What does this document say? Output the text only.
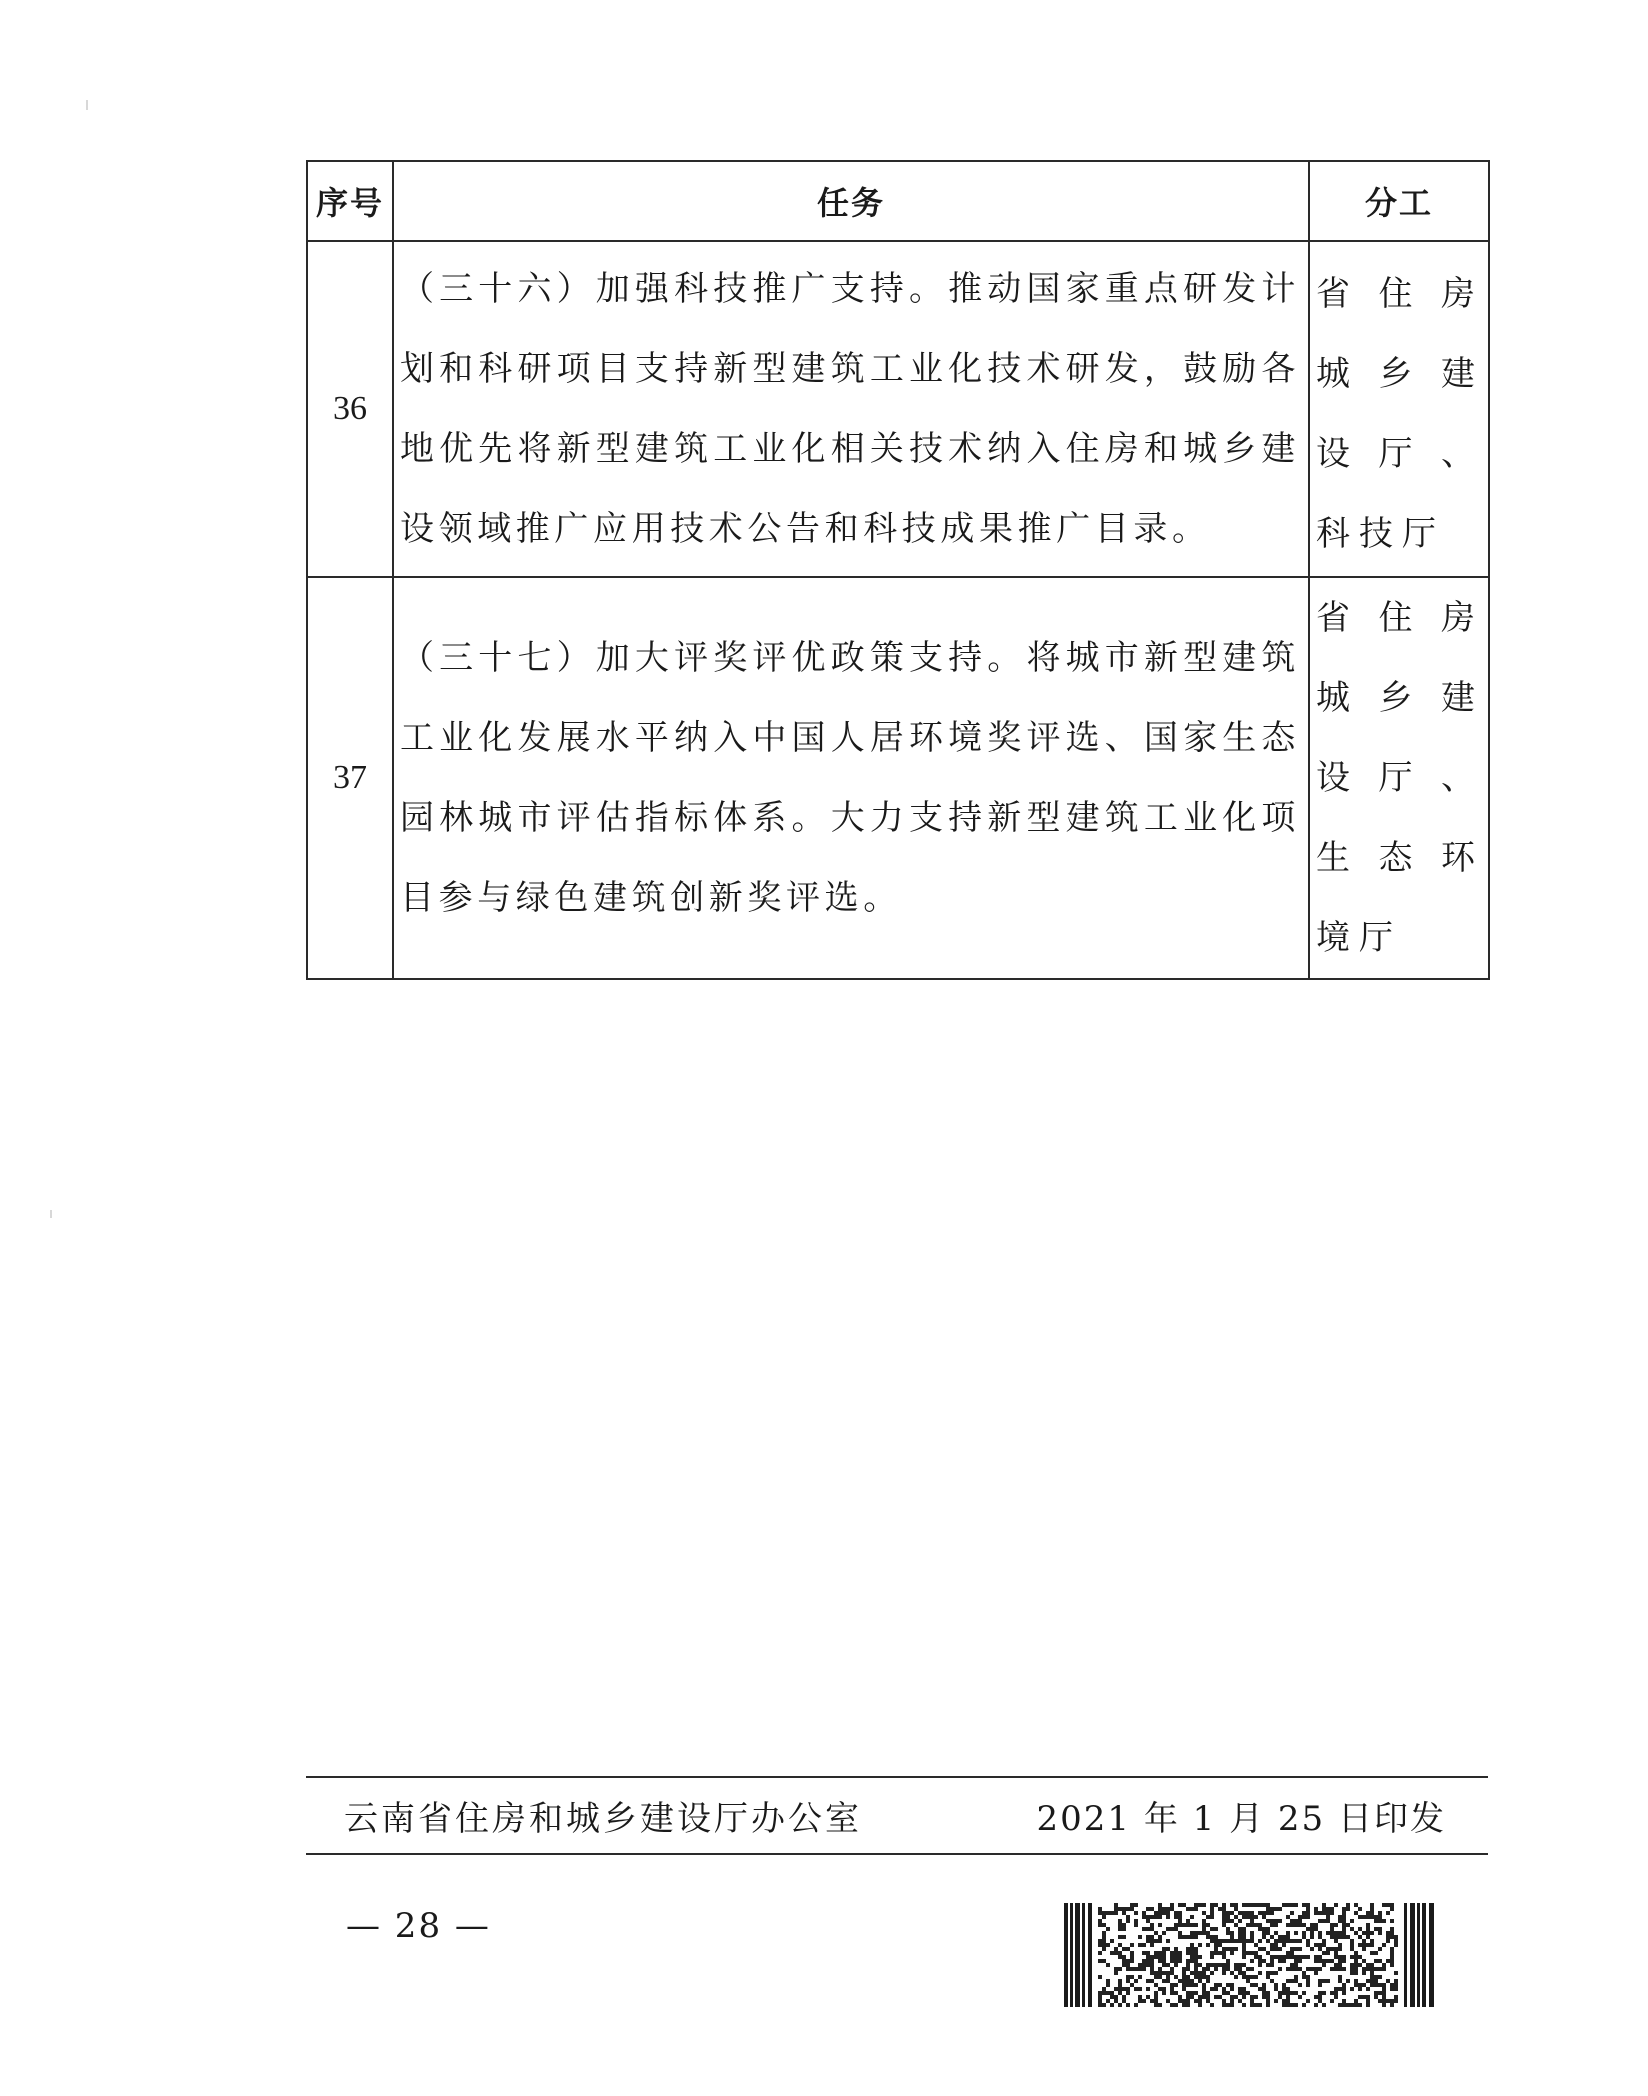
序号	任务	分工
36	（三十六）加强科技推广支持。推动国家重点研发计划和科研项目支持新型建筑工业化技术研发，鼓励各地优先将新型建筑工业化相关技术纳入住房和城乡建设领域推广应用技术公告和科技成果推广目录。	省住房城乡建设厅、科技厅

37	（三十七）加大评奖评优政策支持。将城市新型建筑工业化发展水平纳入中国人居环境奖评选、国家生态园林城市评估指标体系。大力支持新型建筑工业化项目参与绿色建筑创新奖评选。	省住房城乡建设厅、生态环境厅
云南省住房和城乡建设厅办公室	2021 年 1 月 25 日印发
— 28 —
